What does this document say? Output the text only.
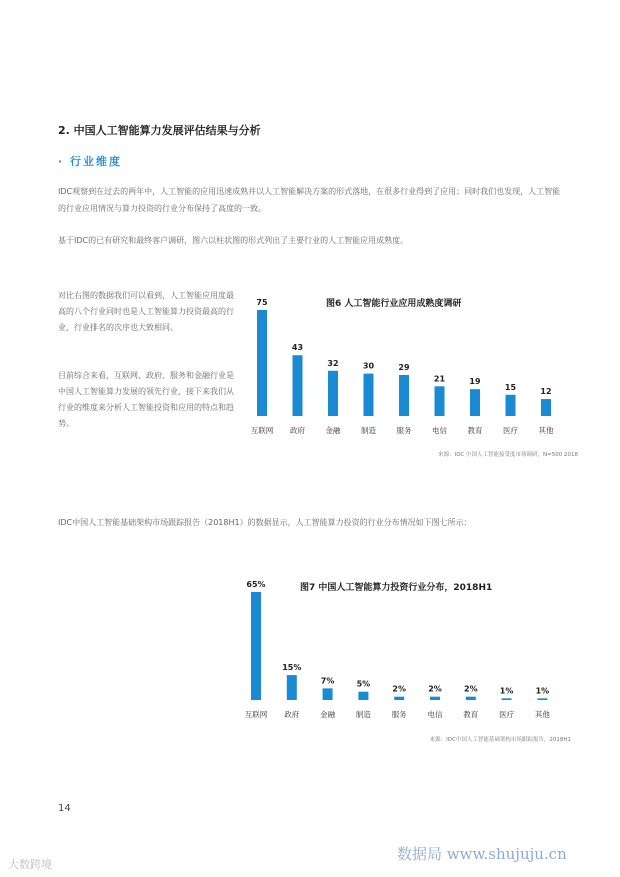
2. 中国人工智能算力发展评估结果与分析
· 行业维度
IDC观察到在过去的两年中，人工智能的应用迅速成熟并以人工智能解决方案的形式落地，在很多行业得到了应用；同时我们也发现，人工智能的行业应用情况与算力投资的行业分布保持了高度的一致。
基于IDC的已有研究和最终客户调研，图六以柱状图的形式列出了主要行业的人工智能应用成熟度。
对比右图的数据我们可以看到，人工智能应用度最高的八个行业同时也是人工智能算力投资最高的行业，行业排名的次序也大致相同。
目前综合来看，互联网、政府、服务和金融行业是中国人工智能算力发展的领先行业，接下来我们从行业的维度来分析人工智能投资和应用的特点和趋势。
图6 人工智能行业应用成熟度调研
来源：IDC 中国人工智能接受度市场调研，N=500 2018
75
互联网
43
政府
32
金融
30
制造
29
服务
21
电信
19
教育
15
医疗
12
其他
IDC中国人工智能基础架构市场跟踪报告（2018H1）的数据显示，人工智能算力投资的行业分布情况如下图七所示：
图7 中国人工智能算力投资行业分布，2018H1
来源：IDC中国人工智能基础架构市场跟踪报告，2018H1
65%
互联网
15%
政府
7%
金融
5%
制造
2%
服务
2%
电信
2%
教育
1%
医疗
1%
其他
14
大数跨境
数据局 www.shujuju.cn
